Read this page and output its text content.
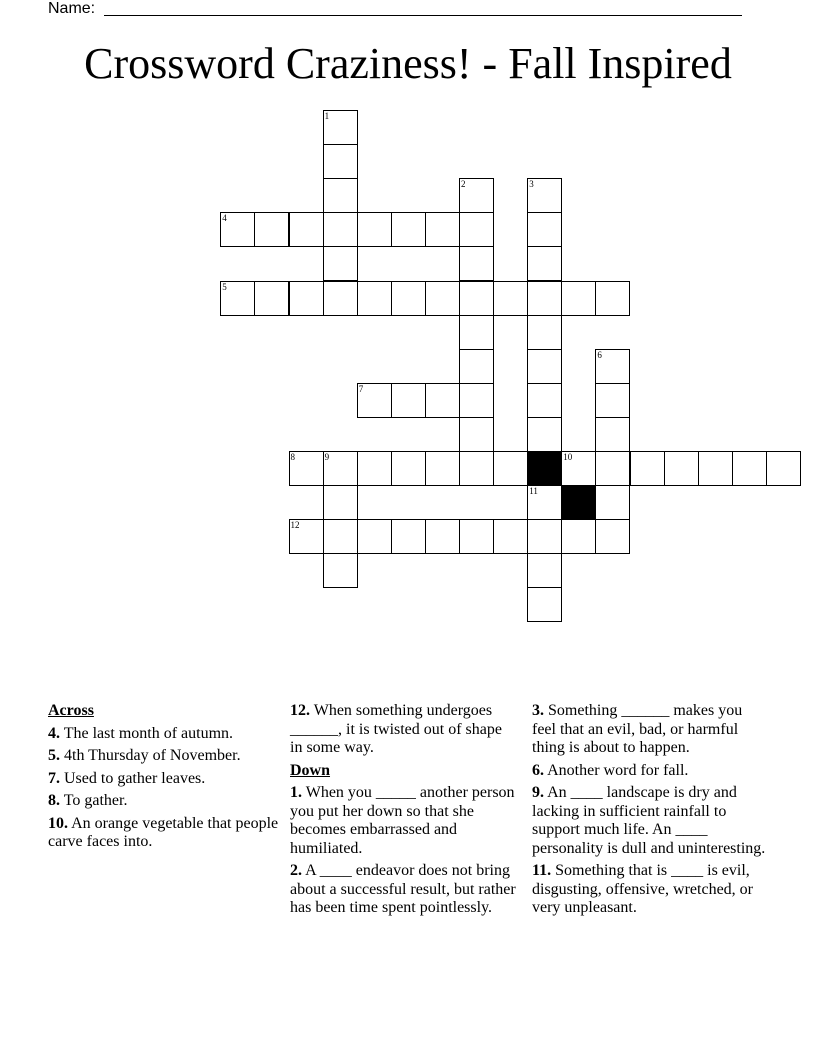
Name:
Crossword Craziness! - Fall Inspired
1
2	3
4
5
6
7
8	9	10
11
12
Across
4. The last month of autumn.
5. 4th Thursday of November.
7. Used to gather leaves.
8. To gather.
10. An orange vegetable that people carve faces into.
12. When something undergoes ______, it is twisted out of shape in some way.
Down
1. When you _____ another person you put her down so that she becomes embarrassed and humiliated.
2. A ____ endeavor does not bring about a successful result, but rather has been time spent pointlessly.
3. Something ______ makes you feel that an evil, bad, or harmful thing is about to happen.
6. Another word for fall.
9. An ____ landscape is dry and lacking in sufficient rainfall to support much life. An ____ personality is dull and uninteresting.
11. Something that is ____ is evil, disgusting, offensive, wretched, or very unpleasant.
